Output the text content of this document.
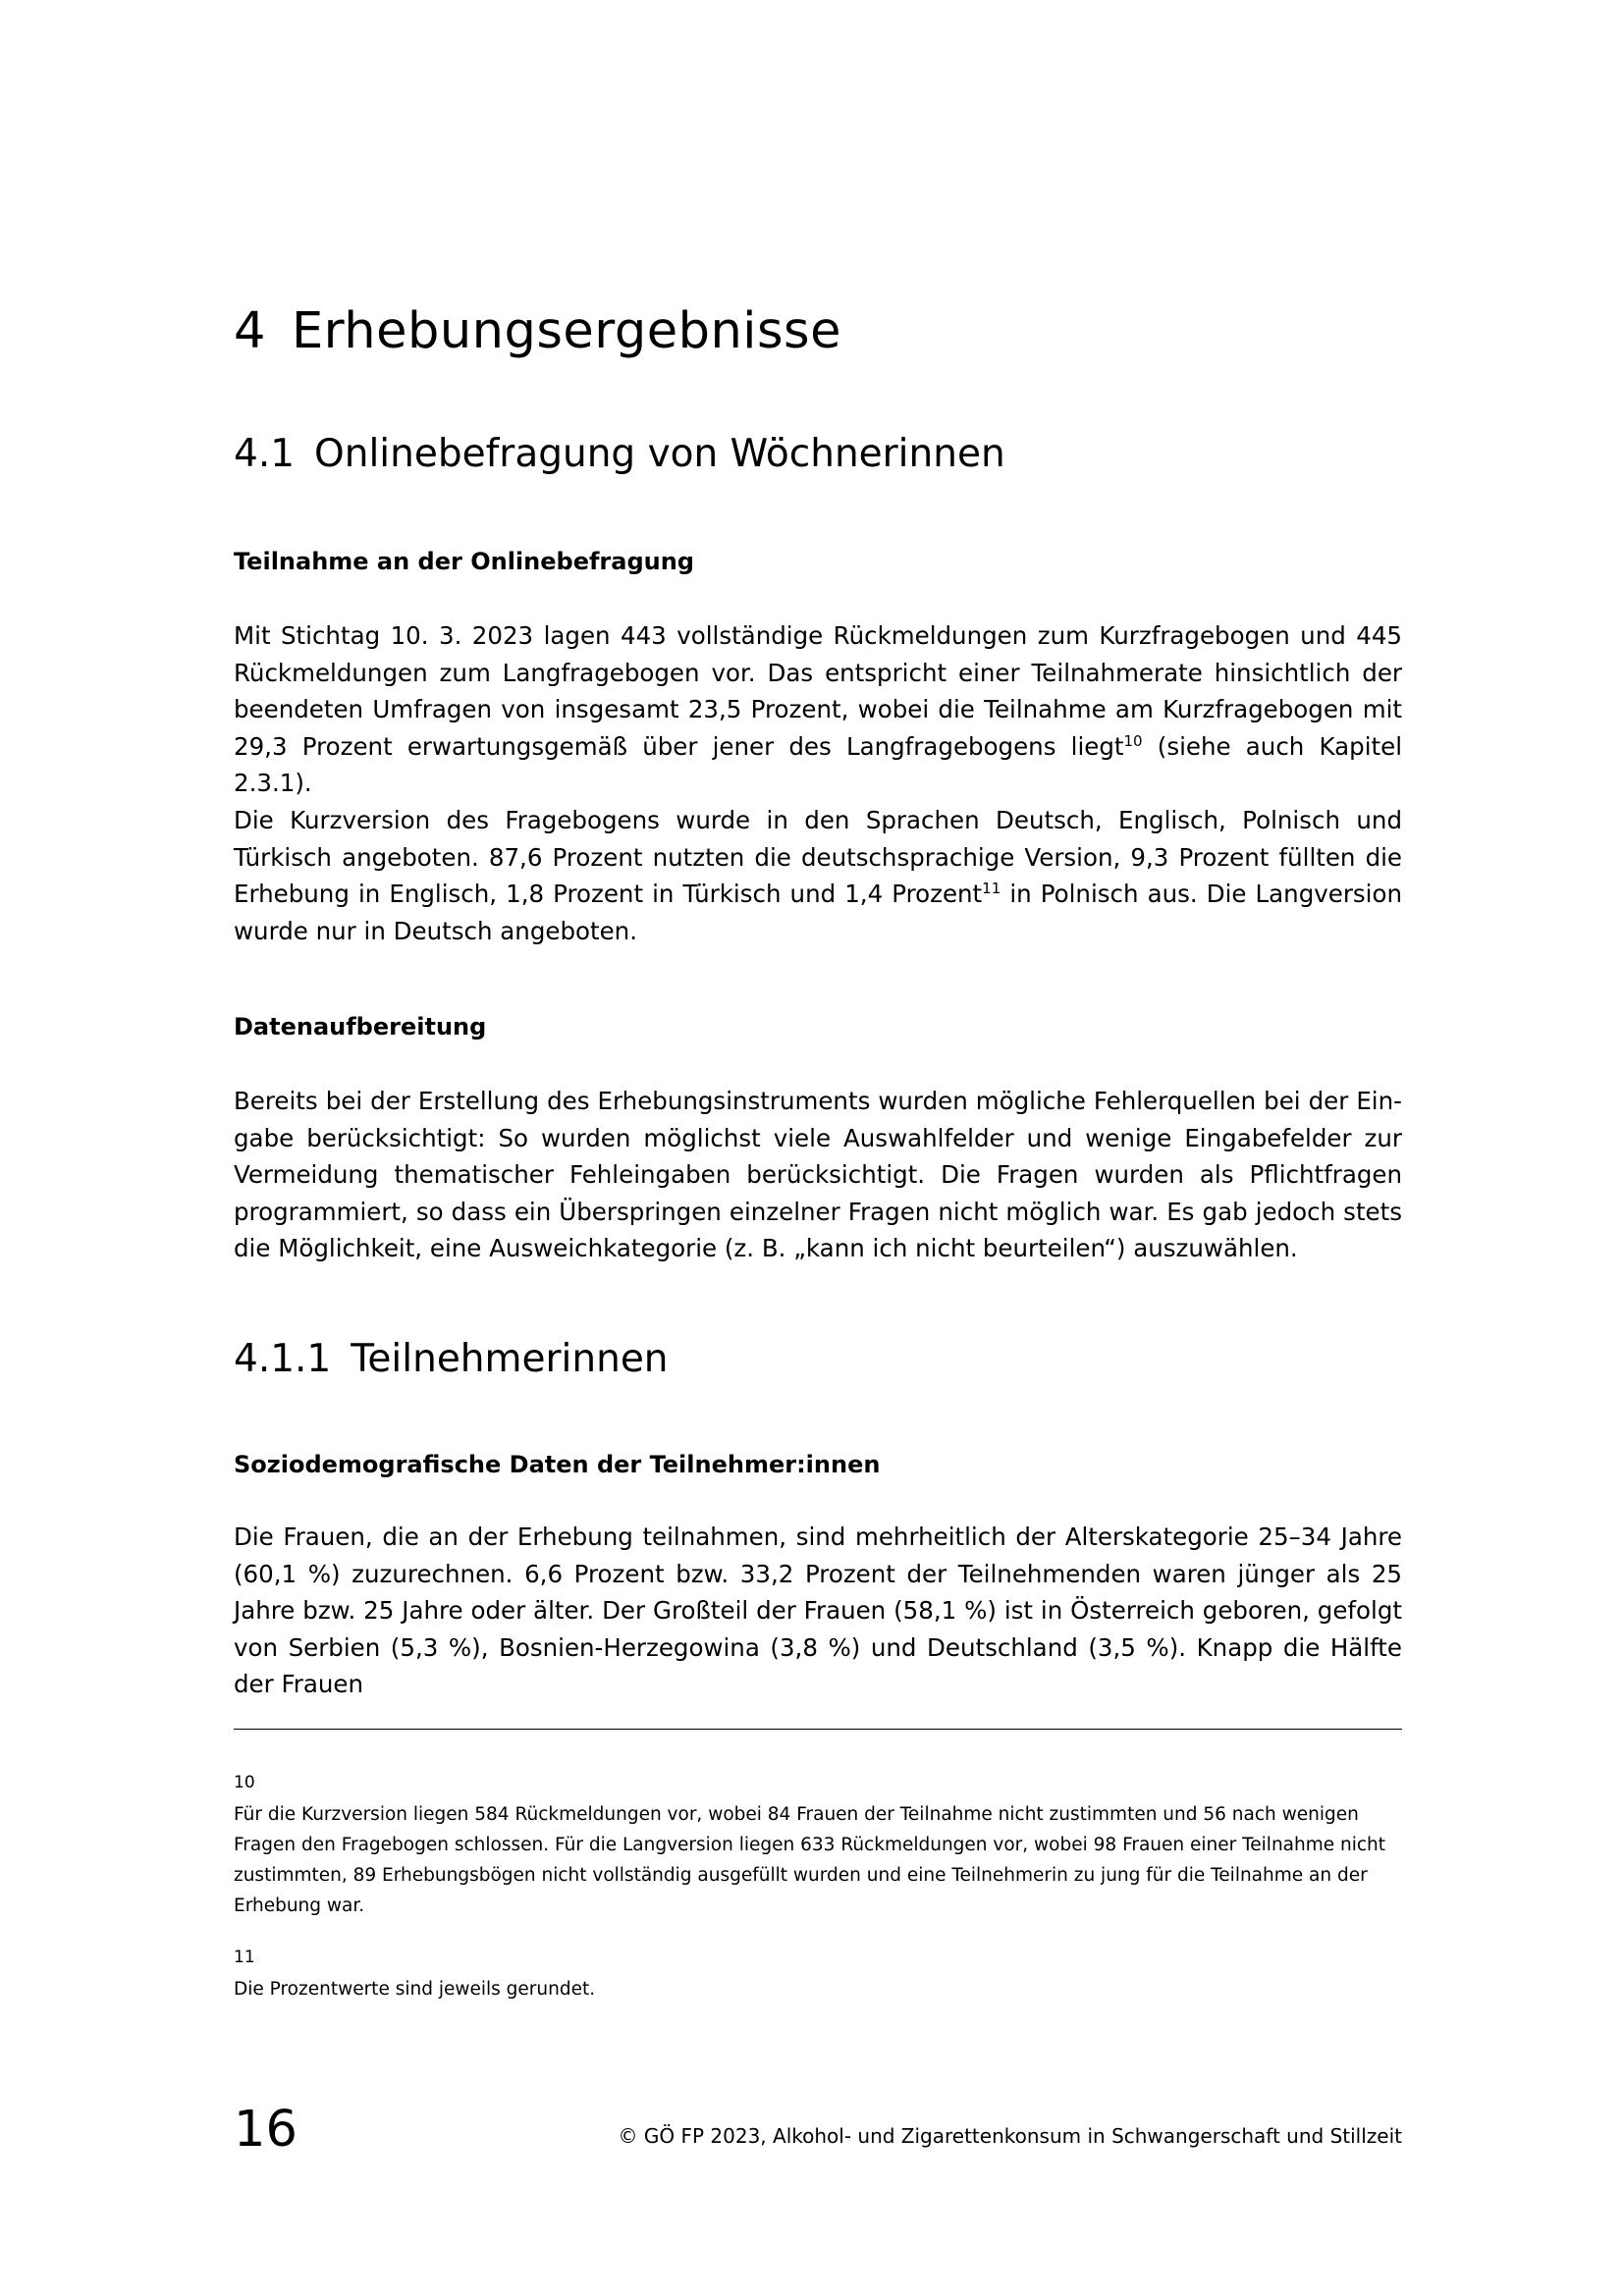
4 Erhebungsergebnisse
4.1 Onlinebefragung von Wöchnerinnen
Teilnahme an der Onlinebefragung

Mit Stichtag 10. 3. 2023 lagen 443 vollständige Rückmeldungen zum Kurzfragebogen und 445 Rückmeldungen zum Langfragebogen vor. Das entspricht einer Teilnahmerate hinsichtlich der beendeten Umfragen von insgesamt 23,5 Prozent, wobei die Teilnahme am Kurzfragebogen mit 29,3 Prozent erwartungsgemäß über jener des Langfragebogens liegt$^{10}$ (siehe auch Kapitel 2.3.1).

Die Kurzversion des Fragebogens wurde in den Sprachen Deutsch, Englisch, Polnisch und Türkisch angeboten. 87,6 Prozent nutzten die deutschsprachige Version, 9,3 Prozent füllten die Erhebung in Englisch, 1,8 Prozent in Türkisch und 1,4 Prozent$^{11}$ in Polnisch aus. Die Langversion wurde nur in Deutsch angeboten.

Datenaufbereitung

Bereits bei der Erstellung des Erhebungsinstruments wurden mögliche Fehlerquellen bei der Eingabe berücksichtigt: So wurden möglichst viele Auswahlfelder und wenige Eingabefelder zur Vermeidung thematischer Fehleingaben berücksichtigt. Die Fragen wurden als Pflichtfragen programmiert, so dass ein Überspringen einzelner Fragen nicht möglich war. Es gab jedoch stets die Möglichkeit, eine Ausweichkategorie (z. B. „kann ich nicht beurteilen“) auszuwählen.

4.1.1 Teilnehmerinnen
Soziodemografische Daten der Teilnehmer:innen

Die Frauen, die an der Erhebung teilnahmen, sind mehrheitlich der Alterskategorie 25–34 Jahre (60,1 %) zuzurechnen. 6,6 Prozent bzw. 33,2 Prozent der Teilnehmenden waren jünger als 25 Jahre bzw. 25 Jahre oder älter. Der Großteil der Frauen (58,1 %) ist in Österreich geboren, gefolgt von Serbien (5,3 %), Bosnien-Herzegowina (3,8 %) und Deutschland (3,5 %). Knapp die Hälfte der Frauen

10

Für die Kurzversion liegen 584 Rückmeldungen vor, wobei 84 Frauen der Teilnahme nicht zustimmten und 56 nach wenigen Fragen den Fragebogen schlossen. Für die Langversion liegen 633 Rückmeldungen vor, wobei 98 Frauen einer Teilnahme nicht zustimmten, 89 Erhebungsbögen nicht vollständig ausgefüllt wurden und eine Teilnehmerin zu jung für die Teilnahme an der Erhebung war.

11

Die Prozentwerte sind jeweils gerundet.

16	© GÖ FP 2023, Alkohol- und Zigarettenkonsum in Schwangerschaft und Stillzeit
